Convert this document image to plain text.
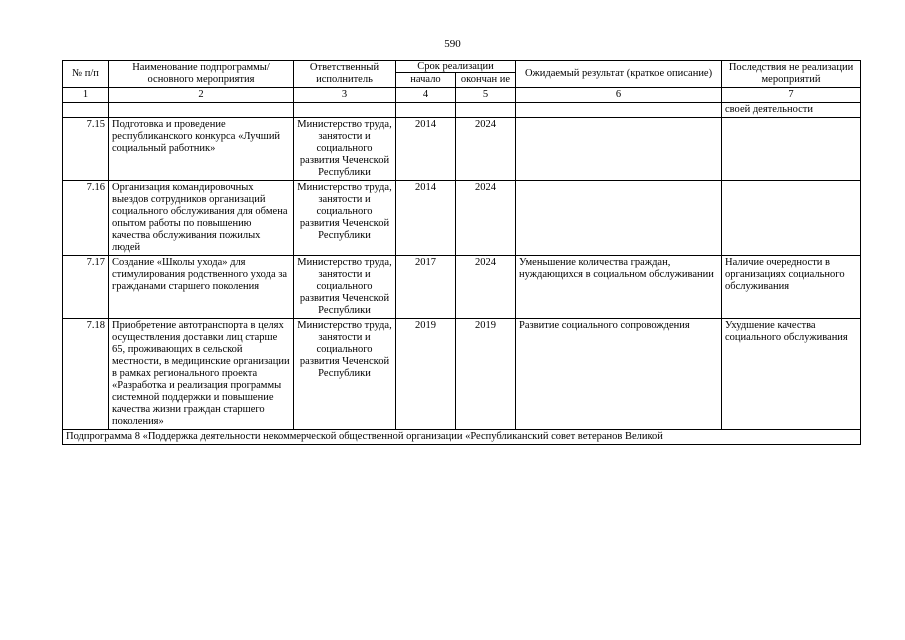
590
№ п/п	Наименование подпрограммы/ основного мероприятия	Ответственный исполнитель	Срок реализации		Ожидаемый результат (краткое описание)	Последствия не реализации мероприятий
			начало	окончан ие		
1	2	3	4	5	6	7
						своей деятельности
7.15	Подготовка и проведение республиканского конкурса «Лучший социальный работник»	Министерство труда, занятости и социального развития Чеченской Республики	2014	2024		
7.16	Организация командировочных выездов сотрудников организаций социального обслуживания для обмена опытом работы по повышению качества обслуживания пожилых людей	Министерство труда, занятости и социального развития Чеченской Республики	2014	2024		
7.17	Создание «Школы ухода» для стимулирования родственного ухода за гражданами старшего поколения	Министерство труда, занятости и социального развития Чеченской Республики	2017	2024	Уменьшение количества граждан, нуждающихся в социальном обслуживании	Наличие очередности в организациях социального обслуживания
7.18	Приобретение автотранспорта в целях осуществления доставки лиц старше 65, проживающих в сельской местности, в медицинские организации в рамках регионального проекта «Разработка и реализация программы системной поддержки и повышение качества жизни граждан старшего поколения»	Министерство труда, занятости и социального развития Чеченской Республики	2019	2019	Развитие социального сопровождения	Ухудшение качества социального обслуживания
Подпрограмма 8 «Поддержка деятельности некоммерческой общественной организации «Республиканский совет ветеранов Великой						
